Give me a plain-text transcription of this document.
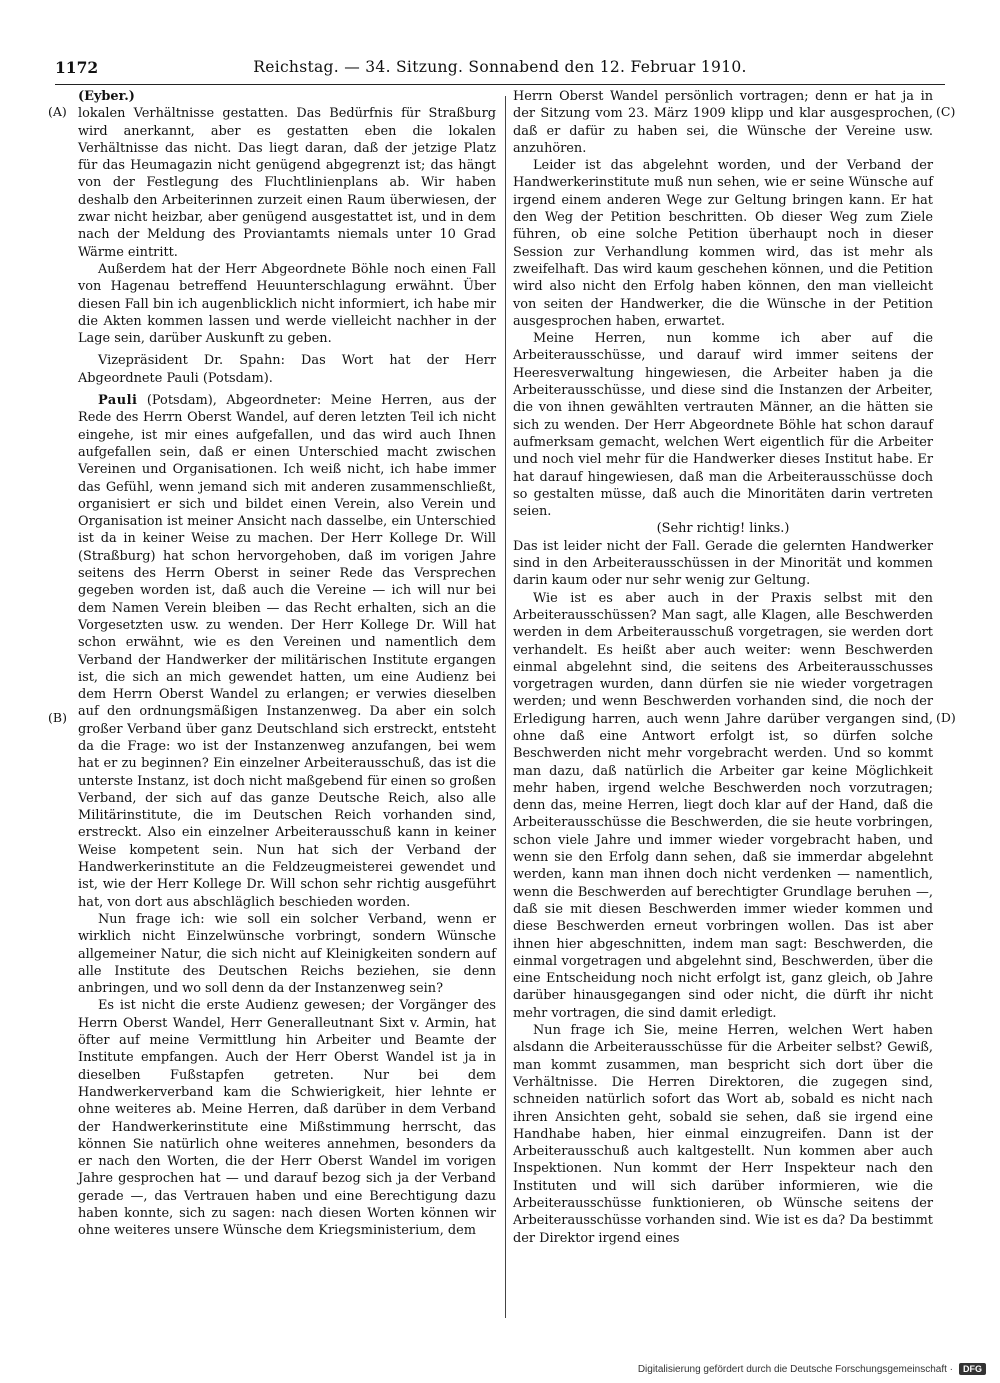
1172	Reichstag. — 34. Sitzung. Sonnabend den 12. Februar 1910.
(A)
(B)
(C)
(D)

(Eyber.)

lokalen Verhältnisse gestatten. Das Bedürfnis für Straßburg wird anerkannt, aber es gestatten eben die lokalen Verhältnisse das nicht. Das liegt daran, daß der jetzige Platz für das Heumagazin nicht genügend abgegrenzt ist; das hängt von der Festlegung des Fluchtlinienplans ab. Wir haben deshalb den Arbeiterinnen zurzeit einen Raum überwiesen, der zwar nicht heizbar, aber genügend ausgestattet ist, und in dem nach der Meldung des Proviantamts niemals unter 10 Grad Wärme eintritt.

Außerdem hat der Herr Abgeordnete Böhle noch einen Fall von Hagenau betreffend Heuunterschlagung erwähnt. Über diesen Fall bin ich augenblicklich nicht informiert, ich habe mir die Akten kommen lassen und werde vielleicht nachher in der Lage sein, darüber Auskunft zu geben.

Vizepräsident Dr. Spahn: Das Wort hat der Herr Abgeordnete Pauli (Potsdam).

Pauli (Potsdam), Abgeordneter: Meine Herren, aus der Rede des Herrn Oberst Wandel, auf deren letzten Teil ich nicht eingehe, ist mir eines aufgefallen, und das wird auch Ihnen aufgefallen sein, daß er einen Unterschied macht zwischen Vereinen und Organisationen. Ich weiß nicht, ich habe immer das Gefühl, wenn jemand sich mit anderen zusammenschließt, organisiert er sich und bildet einen Verein, also Verein und Organisation ist meiner Ansicht nach dasselbe, ein Unterschied ist da in keiner Weise zu machen. Der Herr Kollege Dr. Will (Straßburg) hat schon hervorgehoben, daß im vorigen Jahre seitens des Herrn Oberst in seiner Rede das Versprechen gegeben worden ist, daß auch die Vereine — ich will nur bei dem Namen Verein bleiben — das Recht erhalten, sich an die Vorgesetzten usw. zu wenden. Der Herr Kollege Dr. Will hat schon erwähnt, wie es den Vereinen und namentlich dem Verband der Handwerker der militärischen Institute ergangen ist, die sich an mich gewendet hatten, um eine Audienz bei dem Herrn Oberst Wandel zu erlangen; er verwies dieselben auf den ordnungsmäßigen Instanzenweg. Da aber ein solch großer Verband über ganz Deutschland sich erstreckt, entsteht da die Frage: wo ist der Instanzenweg anzufangen, bei wem hat er zu beginnen? Ein einzelner Arbeiterausschuß, das ist die unterste Instanz, ist doch nicht maßgebend für einen so großen Verband, der sich auf das ganze Deutsche Reich, also alle Militärinstitute, die im Deutschen Reich vorhanden sind, erstreckt. Also ein einzelner Arbeiterausschuß kann in keiner Weise kompetent sein. Nun hat sich der Verband der Handwerkerinstitute an die Feldzeugmeisterei gewendet und ist, wie der Herr Kollege Dr. Will schon sehr richtig ausgeführt hat, von dort aus abschläglich beschieden worden.

Nun frage ich: wie soll ein solcher Verband, wenn er wirklich nicht Einzelwünsche vorbringt, sondern Wünsche allgemeiner Natur, die sich nicht auf Kleinigkeiten sondern auf alle Institute des Deutschen Reichs beziehen, sie denn anbringen, und wo soll denn da der Instanzenweg sein?

Es ist nicht die erste Audienz gewesen; der Vorgänger des Herrn Oberst Wandel, Herr Generalleutnant Sixt v. Armin, hat öfter auf meine Vermittlung hin Arbeiter und Beamte der Institute empfangen. Auch der Herr Oberst Wandel ist ja in dieselben Fußstapfen getreten. Nur bei dem Handwerkerverband kam die Schwierigkeit, hier lehnte er ohne weiteres ab. Meine Herren, daß darüber in dem Verband der Handwerkerinstitute eine Mißstimmung herrscht, das können Sie natürlich ohne weiteres annehmen, besonders da er nach den Worten, die der Herr Oberst Wandel im vorigen Jahre gesprochen hat — und darauf bezog sich ja der Verband gerade —, das Vertrauen haben und eine Berechtigung dazu haben konnte, sich zu sagen: nach diesen Worten können wir ohne weiteres unsere Wünsche dem Kriegsministerium, dem

Herrn Oberst Wandel persönlich vortragen; denn er hat ja in der Sitzung vom 23. März 1909 klipp und klar ausgesprochen, daß er dafür zu haben sei, die Wünsche der Vereine usw. anzuhören.

Leider ist das abgelehnt worden, und der Verband der Handwerkerinstitute muß nun sehen, wie er seine Wünsche auf irgend einem anderen Wege zur Geltung bringen kann. Er hat den Weg der Petition beschritten. Ob dieser Weg zum Ziele führen, ob eine solche Petition überhaupt noch in dieser Session zur Verhandlung kommen wird, das ist mehr als zweifelhaft. Das wird kaum geschehen können, und die Petition wird also nicht den Erfolg haben können, den man vielleicht von seiten der Handwerker, die die Wünsche in der Petition ausgesprochen haben, erwartet.

Meine Herren, nun komme ich aber auf die Arbeiterausschüsse, und darauf wird immer seitens der Heeresverwaltung hingewiesen, die Arbeiter haben ja die Arbeiterausschüsse, und diese sind die Instanzen der Arbeiter, die von ihnen gewählten vertrauten Männer, an die hätten sie sich zu wenden. Der Herr Abgeordnete Böhle hat schon darauf aufmerksam gemacht, welchen Wert eigentlich für die Arbeiter und noch viel mehr für die Handwerker dieses Institut habe. Er hat darauf hingewiesen, daß man die Arbeiterausschüsse doch so gestalten müsse, daß auch die Minoritäten darin vertreten seien.

(Sehr richtig! links.)

Das ist leider nicht der Fall. Gerade die gelernten Handwerker sind in den Arbeiterausschüssen in der Minorität und kommen darin kaum oder nur sehr wenig zur Geltung.

Wie ist es aber auch in der Praxis selbst mit den Arbeiterausschüssen? Man sagt, alle Klagen, alle Beschwerden werden in dem Arbeiterausschuß vorgetragen, sie werden dort verhandelt. Es heißt aber auch weiter: wenn Beschwerden einmal abgelehnt sind, die seitens des Arbeiterausschusses vorgetragen wurden, dann dürfen sie nie wieder vorgetragen werden; und wenn Beschwerden vorhanden sind, die noch der Erledigung harren, auch wenn Jahre darüber vergangen sind, ohne daß eine Antwort erfolgt ist, so dürfen solche Beschwerden nicht mehr vorgebracht werden. Und so kommt man dazu, daß natürlich die Arbeiter gar keine Möglichkeit mehr haben, irgend welche Beschwerden noch vorzutragen; denn das, meine Herren, liegt doch klar auf der Hand, daß die Arbeiterausschüsse die Beschwerden, die sie heute vorbringen, schon viele Jahre und immer wieder vorgebracht haben, und wenn sie den Erfolg dann sehen, daß sie immerdar abgelehnt werden, kann man ihnen doch nicht verdenken — namentlich, wenn die Beschwerden auf berechtigter Grundlage beruhen —, daß sie mit diesen Beschwerden immer wieder kommen und diese Beschwerden erneut vorbringen wollen. Das ist aber ihnen hier abgeschnitten, indem man sagt: Beschwerden, die einmal vorgetragen und abgelehnt sind, Beschwerden, über die eine Entscheidung noch nicht erfolgt ist, ganz gleich, ob Jahre darüber hinausgegangen sind oder nicht, die dürft ihr nicht mehr vortragen, die sind damit erledigt.

Nun frage ich Sie, meine Herren, welchen Wert haben alsdann die Arbeiterausschüsse für die Arbeiter selbst? Gewiß, man kommt zusammen, man bespricht sich dort über die Verhältnisse. Die Herren Direktoren, die zugegen sind, schneiden natürlich sofort das Wort ab, sobald es nicht nach ihren Ansichten geht, sobald sie sehen, daß sie irgend eine Handhabe haben, hier einmal einzugreifen. Dann ist der Arbeiterausschuß auch kaltgestellt. Nun kommen aber auch Inspektionen. Nun kommt der Herr Inspekteur nach den Instituten und will sich darüber informieren, wie die Arbeiterausschüsse funktionieren, ob Wünsche seitens der Arbeiterausschüsse vorhanden sind. Wie ist es da? Da bestimmt der Direktor irgend eines

Digitalisierung gefördert durch die Deutsche Forschungsgemeinschaft ·	DFG
